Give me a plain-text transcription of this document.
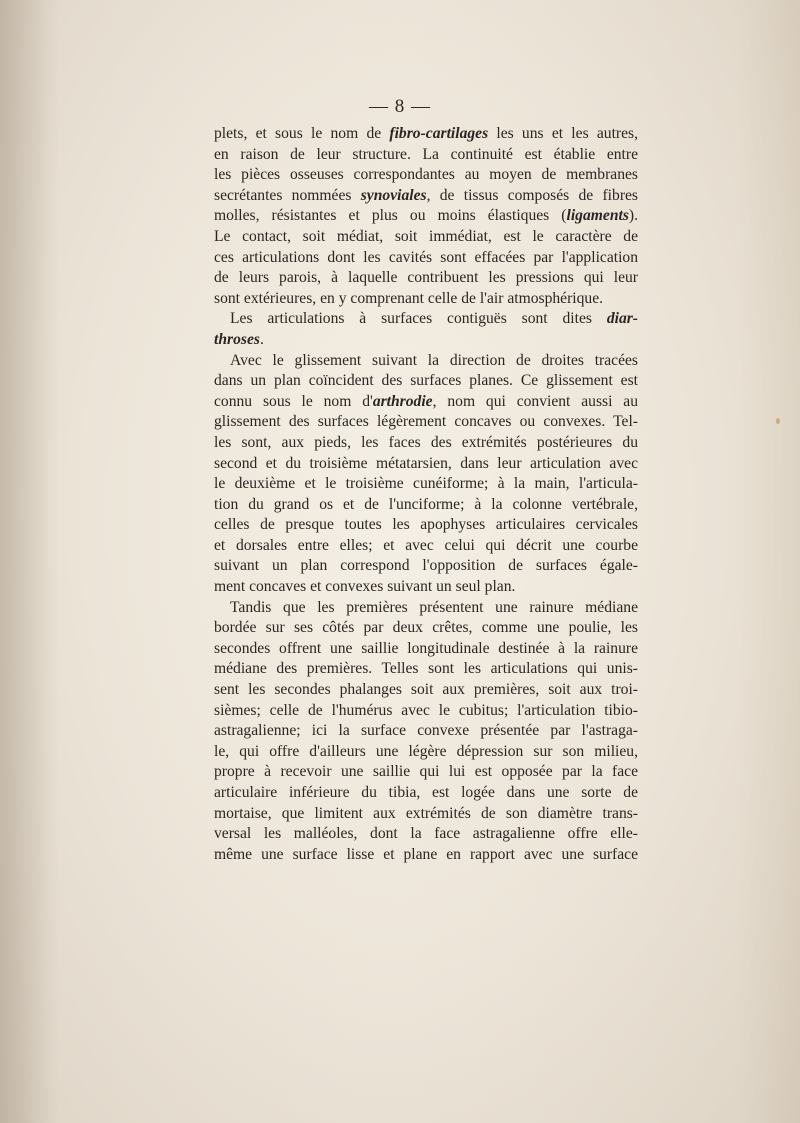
— 8 —
plets, et sous le nom de fibro-cartilages les uns et les autres,
en raison de leur structure. La continuité est établie entre
les pièces osseuses correspondantes au moyen de membranes
secrétantes nommées synoviales, de tissus composés de fibres
molles, résistantes et plus ou moins élastiques (ligaments).
Le contact, soit médiat, soit immédiat, est le caractère de
ces articulations dont les cavités sont effacées par l'application
de leurs parois, à laquelle contribuent les pressions qui leur
sont extérieures, en y comprenant celle de l'air atmosphérique.
Les articulations à surfaces contiguës sont dites diar-
throses.
Avec le glissement suivant la direction de droites tracées
dans un plan coïncident des surfaces planes. Ce glissement est
connu sous le nom d'arthrodie, nom qui convient aussi au
glissement des surfaces légèrement concaves ou convexes. Tel-
les sont, aux pieds, les faces des extrémités postérieures du
second et du troisième métatarsien, dans leur articulation avec
le deuxième et le troisième cunéiforme; à la main, l'articula-
tion du grand os et de l'unciforme; à la colonne vertébrale,
celles de presque toutes les apophyses articulaires cervicales
et dorsales entre elles; et avec celui qui décrit une courbe
suivant un plan correspond l'opposition de surfaces égale-
ment concaves et convexes suivant un seul plan.
Tandis que les premières présentent une rainure médiane
bordée sur ses côtés par deux crêtes, comme une poulie, les
secondes offrent une saillie longitudinale destinée à la rainure
médiane des premières. Telles sont les articulations qui unis-
sent les secondes phalanges soit aux premières, soit aux troi-
sièmes; celle de l'humérus avec le cubitus; l'articulation tibio-
astragalienne; ici la surface convexe présentée par l'astraga-
le, qui offre d'ailleurs une légère dépression sur son milieu,
propre à recevoir une saillie qui lui est opposée par la face
articulaire inférieure du tibia, est logée dans une sorte de
mortaise, que limitent aux extrémités de son diamètre trans-
versal les malléoles, dont la face astragalienne offre elle-
même une surface lisse et plane en rapport avec une surface
